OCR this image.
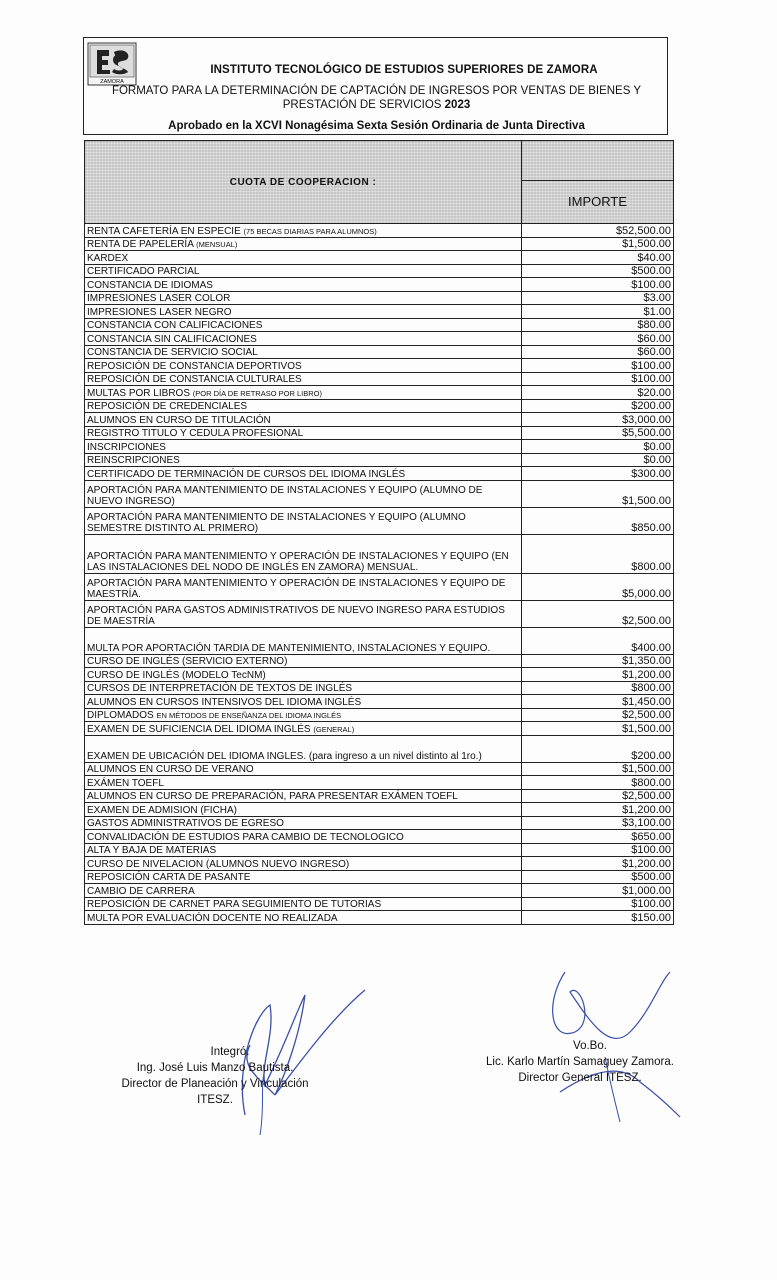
ZAMORA
INSTITUTO TECNOLÓGICO DE ESTUDIOS SUPERIORES DE ZAMORA
FORMATO PARA LA DETERMINACIÓN DE CAPTACIÓN DE INGRESOS POR VENTAS DE BIENES Y
PRESTACIÓN DE SERVICIOS 2023
Aprobado en la XCVI Nonagésima Sexta Sesión Ordinaria de Junta Directiva
CUOTA DE COOPERACION :	IMPORTE

RENTA CAFETERÍA EN ESPECIE (75 BECAS DIARIAS PARA ALUMNOS)	$52,500.00
RENTA DE PAPELERÍA (MENSUAL)	$1,500.00
KARDEX	$40.00
CERTIFICADO PARCIAL	$500.00
CONSTANCIA DE IDIOMAS	$100.00
IMPRESIONES LASER COLOR	$3.00
IMPRESIONES LASER NEGRO	$1.00
CONSTANCIA CON CALIFICACIONES	$80.00
CONSTANCIA SIN CALIFICACIONES	$60.00
CONSTANCIA DE SERVICIO SOCIAL	$60.00
REPOSICIÓN DE CONSTANCIA DEPORTIVOS	$100.00
REPOSICIÓN DE CONSTANCIA CULTURALES	$100.00
MULTAS POR LIBROS (POR DÍA DE RETRASO POR LIBRO)	$20.00
REPOSICIÓN DE CREDENCIALES	$200.00
ALUMNOS EN CURSO DE TITULACIÓN	$3,000.00
REGISTRO TITULO Y CEDULA PROFESIONAL	$5,500.00
INSCRIPCIONES	$0.00
REINSCRIPCIONES	$0.00
CERTIFICADO DE TERMINACIÓN DE CURSOS DEL IDIOMA INGLÉS	$300.00
APORTACIÓN PARA MANTENIMIENTO DE INSTALACIONES Y EQUIPO (ALUMNO DE NUEVO INGRESO)	$1,500.00
APORTACIÓN PARA MANTENIMIENTO DE INSTALACIONES Y EQUIPO (ALUMNO SEMESTRE DISTINTO AL PRIMERO)	$850.00
APORTACIÓN PARA MANTENIMIENTO Y OPERACIÓN DE INSTALACIONES Y EQUIPO (EN LAS INSTALACIONES DEL NODO DE INGLÉS EN ZAMORA) MENSUAL.	$800.00
APORTACIÓN PARA MANTENIMIENTO Y OPERACIÓN DE INSTALACIONES Y EQUIPO DE MAESTRÍA.	$5,000.00
APORTACIÓN PARA GASTOS ADMINISTRATIVOS DE NUEVO INGRESO PARA ESTUDIOS DE MAESTRÍA	$2,500.00
MULTA POR APORTACIÓN TARDIA DE MANTENIMIENTO, INSTALACIONES Y EQUIPO.	$400.00
CURSO DE INGLÉS (SERVICIO EXTERNO)	$1,350.00
CURSO DE INGLÉS (MODELO TecNM)	$1,200.00
CURSOS DE INTERPRETACIÓN DE TEXTOS DE INGLÉS	$800.00
ALUMNOS EN CURSOS INTENSIVOS DEL IDIOMA INGLÉS	$1,450.00
DIPLOMADOS EN MÉTODOS DE ENSEÑANZA DEL IDIOMA INGLÉS	$2,500.00
EXAMEN DE SUFICIENCIA DEL IDIOMA INGLÉS (GENERAL)	$1,500.00
EXAMEN DE UBICACIÓN DEL IDIOMA INGLES. (para ingreso a un nivel distinto al 1ro.)	$200.00
ALUMNOS EN CURSO DE VERANO	$1,500.00
EXÁMEN TOEFL	$800.00
ALUMNOS EN CURSO DE PREPARACIÓN, PARA PRESENTAR EXÁMEN TOEFL	$2,500.00
EXAMEN DE ADMISION (FICHA)	$1,200.00
GASTOS ADMINISTRATIVOS DE EGRESO	$3,100.00
CONVALIDACIÓN DE ESTUDIOS PARA CAMBIO DE TECNOLOGICO	$650.00
ALTA Y BAJA DE MATERIAS	$100.00
CURSO DE NIVELACION (ALUMNOS NUEVO INGRESO)	$1,200.00
REPOSICIÓN CARTA DE PASANTE	$500.00
CAMBIO DE CARRERA	$1,000.00
REPOSICIÓN DE CARNET PARA SEGUIMIENTO DE TUTORIAS	$100.00
MULTA POR EVALUACIÓN DOCENTE NO REALIZADA	$150.00
Integró.
Ing. José Luis Manzo Bautista.
Director de Planeación y Vinculación
ITESZ.
Vo.Bo.
Lic. Karlo Martín Samaguey Zamora.
Director General ITESZ.
